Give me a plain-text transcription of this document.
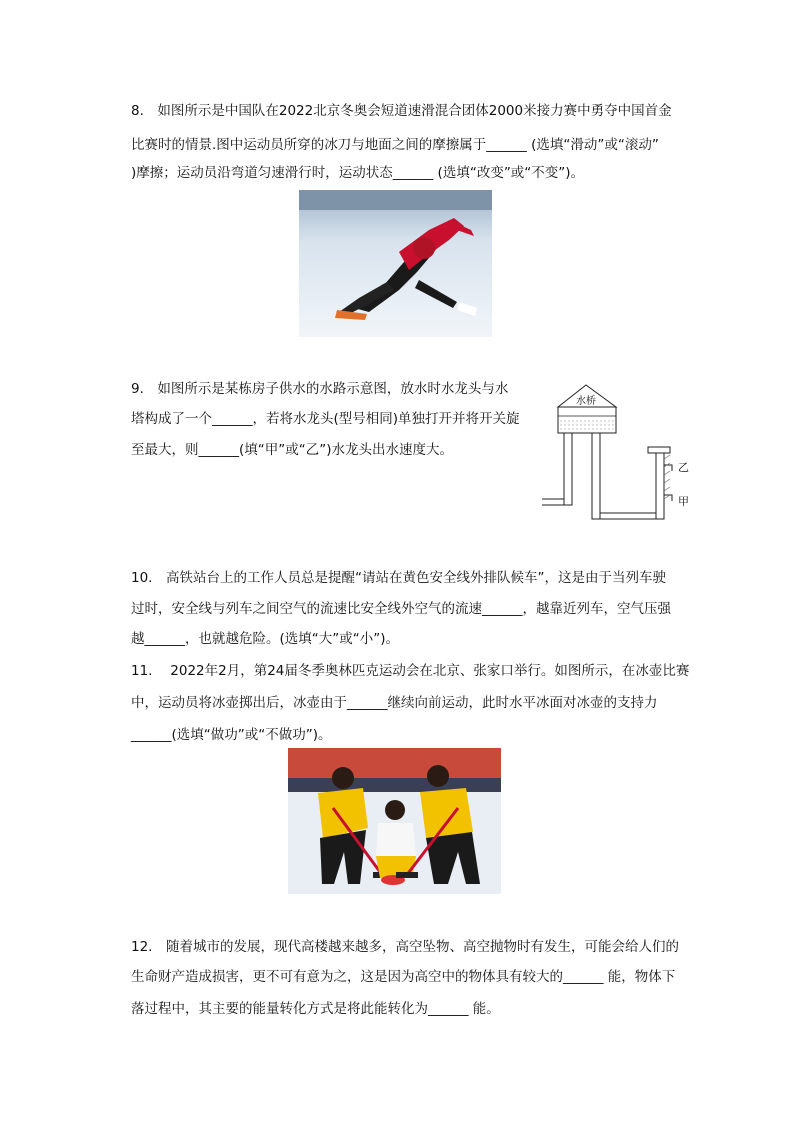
8.　如图所示是中国队在2022北京冬奥会短道速滑混合团体2000米接力赛中勇夺中国首金
比赛时的情景.图中运动员所穿的冰刀与地面之间的摩擦属于______ (选填“滑动”或“滚动”
)摩擦；运动员沿弯道匀速滑行时，运动状态______ (选填“改变”或“不变”)。
9.　如图所示是某栋房子供水的水路示意图，放水时水龙头与水
塔构成了一个______，若将水龙头(型号相同)单独打开并将开关旋
至最大，则______(填“甲”或“乙”)水龙头出水速度大。
水桥
乙
甲
10.　高铁站台上的工作人员总是提醒“请站在黄色安全线外排队候车”，这是由于当列车驶
过时，安全线与列车之间空气的流速比安全线外空气的流速______，越靠近列车，空气压强
越______，也就越危险。(选填“大”或“小”)。
11.　 2022年2月，第24届冬季奥林匹克运动会在北京、张家口举行。如图所示，在冰壶比赛
中，运动员将冰壶掷出后，冰壶由于______继续向前运动，此时水平冰面对冰壶的支持力
______(选填“做功”或“不做功”)。
12.　随着城市的发展，现代高楼越来越多，高空坠物、高空抛物时有发生，可能会给人们的
生命财产造成损害，更不可有意为之，这是因为高空中的物体具有较大的______ 能，物体下
落过程中，其主要的能量转化方式是将此能转化为______ 能。
